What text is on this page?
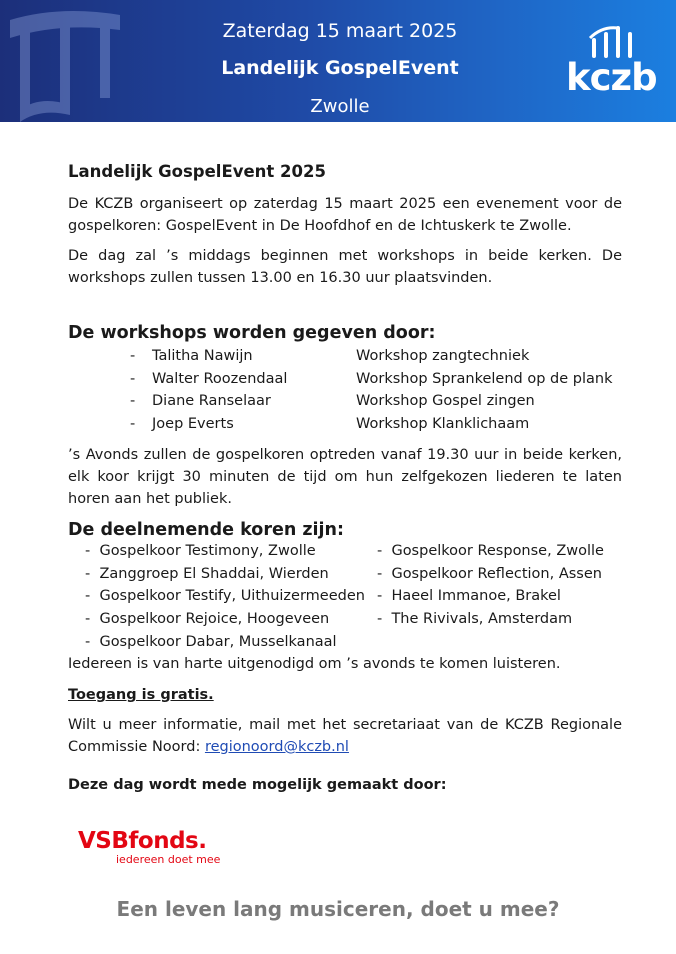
Zaterdag 15 maart 2025
Landelijk GospelEvent
Zwolle
kczb
Landelijk GospelEvent 2025
De KCZB organiseert op zaterdag 15 maart 2025 een evenement voor de gospelkoren: GospelEvent in De Hoofdhof en de Ichtuskerk te Zwolle.
De dag zal ’s middags beginnen met workshops in beide kerken. De workshops zullen tussen 13.00 en 16.30 uur plaatsvinden.
De workshops worden gegeven door:
- Talitha Nawijn	Workshop zangtechniek
- Walter Roozendaal	Workshop Sprankelend op de plank
- Diane Ranselaar	Workshop Gospel zingen
- Joep Everts	Workshop Klanklichaam
’s Avonds zullen de gospelkoren optreden vanaf 19.30 uur in beide kerken, elk koor krijgt 30 minuten de tijd om hun zelfgekozen liederen te laten horen aan het publiek.
De deelnemende koren zijn:
-  Gospelkoor Testimony, Zwolle
-  Zanggroep El Shaddai, Wierden
-  Gospelkoor Testify, Uithuizermeeden
-  Gospelkoor Rejoice, Hoogeveen
-  Gospelkoor Dabar, Musselkanaal
-  Gospelkoor Response, Zwolle
-  Gospelkoor Reflection, Assen
-  Haeel Immanoe, Brakel
-  The Rivivals, Amsterdam
Iedereen is van harte uitgenodigd om ’s avonds te komen luisteren.
Toegang is gratis.
Wilt u meer informatie, mail met het secretariaat van de KCZB Regionale Commissie Noord: regionoord@kczb.nl
Deze dag wordt mede mogelijk gemaakt door:
VSBfonds.
iedereen doet mee
Een leven lang musiceren, doet u mee?
